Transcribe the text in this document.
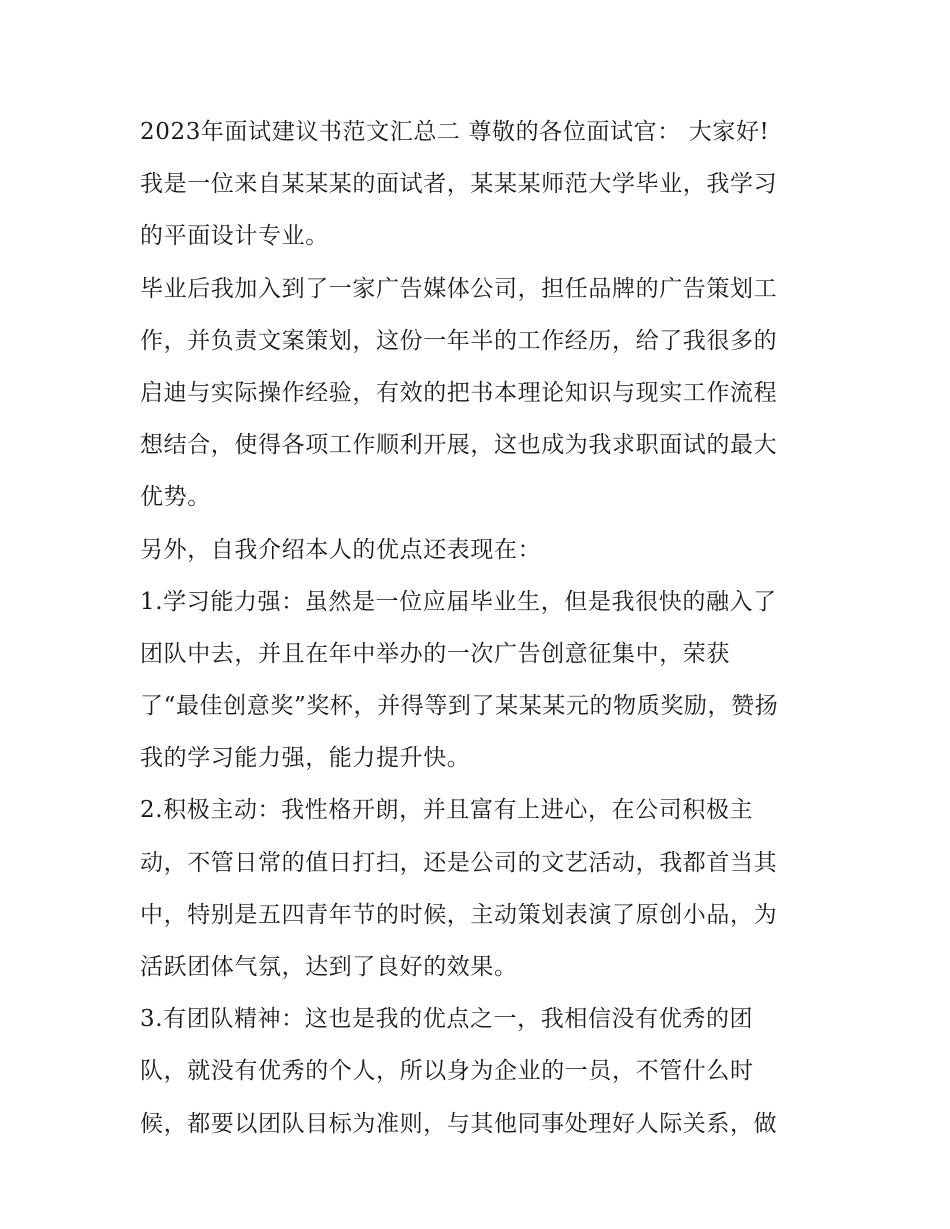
2023年面试建议书范文汇总二 尊敬的各位面试官： 大家好!
我是一位来自某某某的面试者，某某某师范大学毕业，我学习
的平面设计专业。
毕业后我加入到了一家广告媒体公司，担任品牌的广告策划工
作，并负责文案策划，这份一年半的工作经历，给了我很多的
启迪与实际操作经验，有效的把书本理论知识与现实工作流程
想结合，使得各项工作顺利开展，这也成为我求职面试的最大
优势。
另外，自我介绍本人的优点还表现在：
1.学习能力强：虽然是一位应届毕业生，但是我很快的融入了
团队中去，并且在年中举办的一次广告创意征集中，荣获
了“最佳创意奖”奖杯，并得等到了某某某元的物质奖励，赞扬
我的学习能力强，能力提升快。
2.积极主动：我性格开朗，并且富有上进心，在公司积极主
动，不管日常的值日打扫，还是公司的文艺活动，我都首当其
中，特别是五四青年节的时候，主动策划表演了原创小品，为
活跃团体气氛，达到了良好的效果。
3.有团队精神：这也是我的优点之一，我相信没有优秀的团
队，就没有优秀的个人，所以身为企业的一员，不管什么时
候，都要以团队目标为准则，与其他同事处理好人际关系，做
